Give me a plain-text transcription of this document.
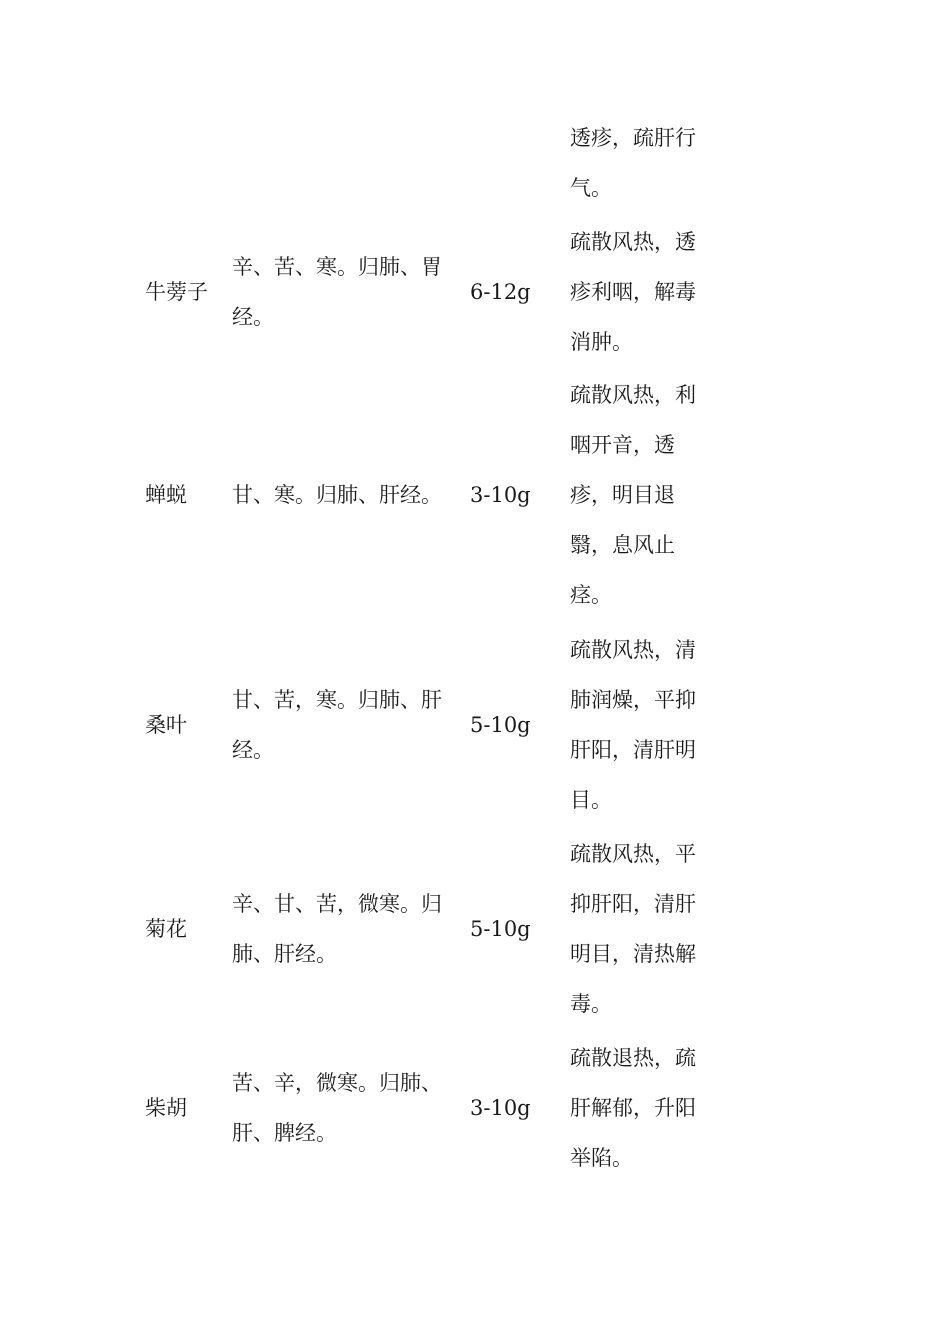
透疹，疏肝行气。
牛蒡子
辛、苦、寒。归肺、胃经。
6-12g
疏散风热，透疹利咽，解毒消肿。
蝉蜕	甘、寒。归肺、肝经。	3-10g
疏散风热，利咽开音，透疹，明目退翳，息风止痉。
桑叶
甘、苦，寒。归肺、肝经。
5-10g
疏散风热，清肺润燥，平抑肝阳，清肝明目。
菊花
辛、甘、苦，微寒。归肺、肝经。
5-10g
疏散风热，平抑肝阳，清肝明目，清热解毒。
柴胡
苦、辛，微寒。归肺、肝、脾经。
3-10g
疏散退热，疏肝解郁，升阳举陷。
